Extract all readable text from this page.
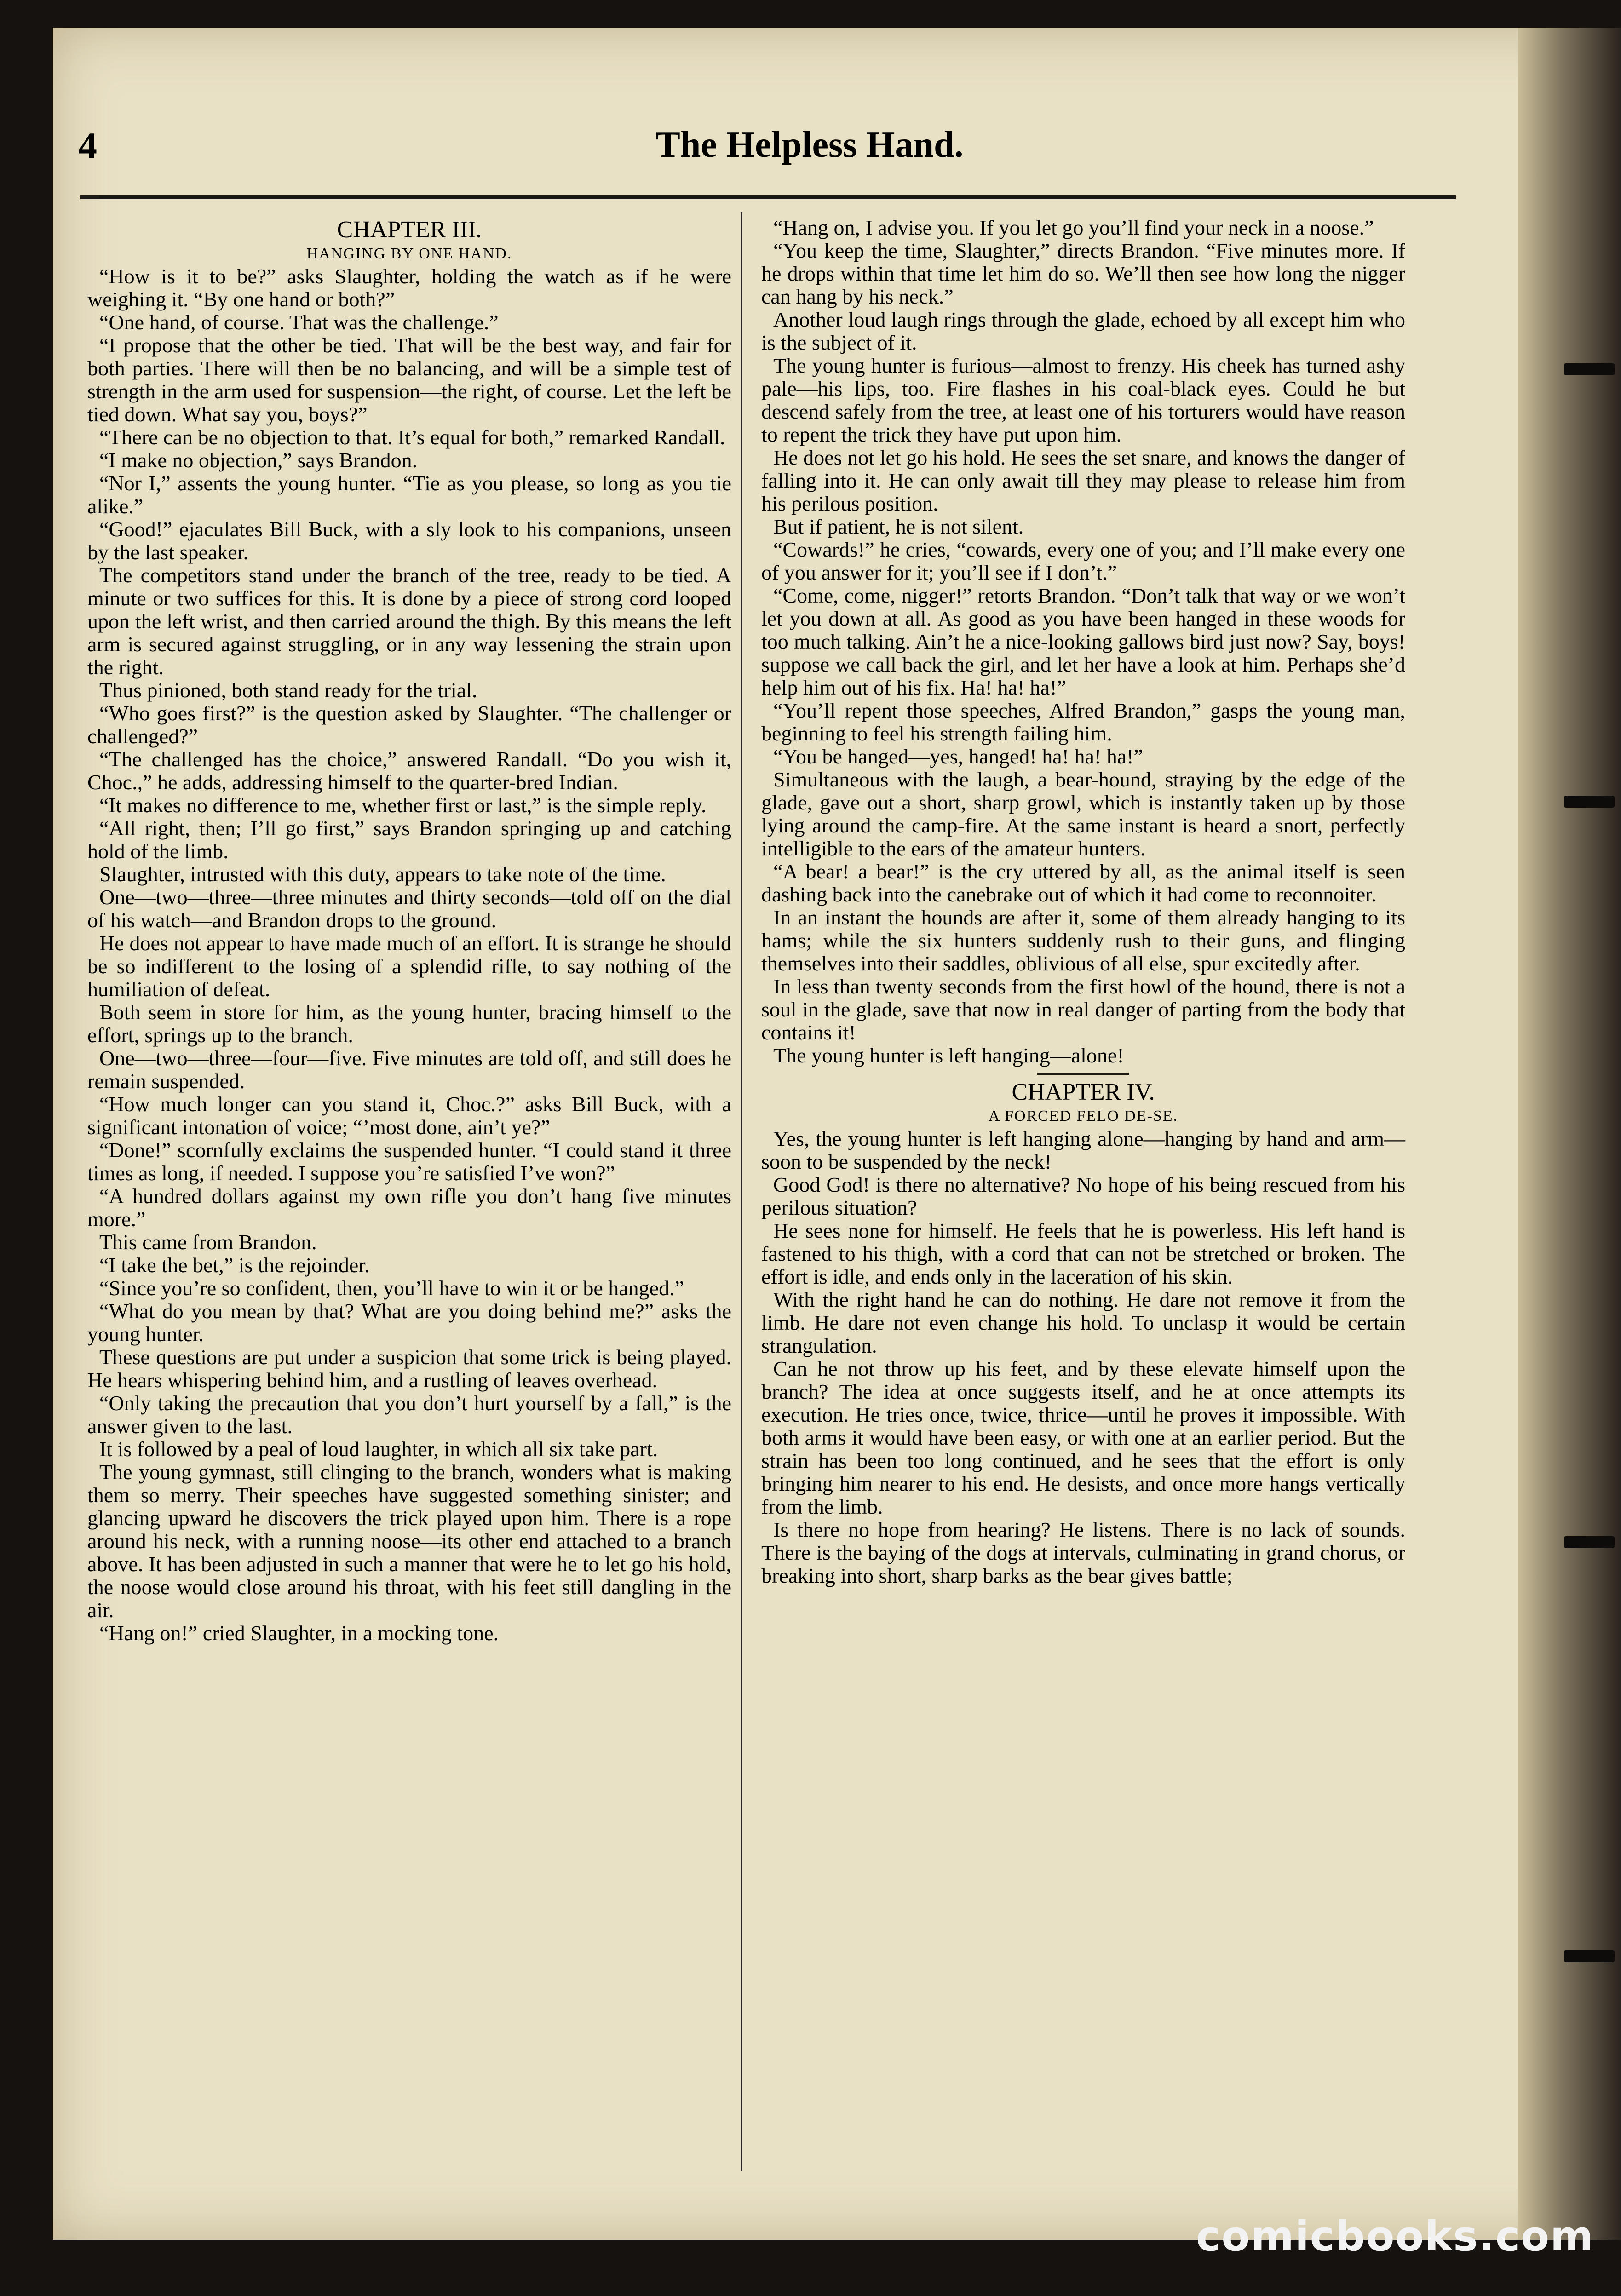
4	The Helpless Hand.
CHAPTER III.
HANGING BY ONE HAND.

“How is it to be?” asks Slaughter, holding the watch as if he were weighing it. “By one hand or both?”

“One hand, of course. That was the challenge.”

“I propose that the other be tied. That will be the best way, and fair for both parties. There will then be no balancing, and will be a simple test of strength in the arm used for suspension—the right, of course. Let the left be tied down. What say you, boys?”

“There can be no objection to that. It’s equal for both,” remarked Randall.

“I make no objection,” says Brandon.

“Nor I,” assents the young hunter. “Tie as you please, so long as you tie alike.”

“Good!” ejaculates Bill Buck, with a sly look to his companions, unseen by the last speaker.

The competitors stand under the branch of the tree, ready to be tied. A minute or two suffices for this. It is done by a piece of strong cord looped upon the left wrist, and then carried around the thigh. By this means the left arm is secured against struggling, or in any way lessening the strain upon the right.

Thus pinioned, both stand ready for the trial.

“Who goes first?” is the question asked by Slaughter. “The challenger or challenged?”

“The challenged has the choice,” answered Randall. “Do you wish it, Choc.,” he adds, addressing himself to the quarter-bred Indian.

“It makes no difference to me, whether first or last,” is the simple reply.

“All right, then; I’ll go first,” says Brandon springing up and catching hold of the limb.

Slaughter, intrusted with this duty, appears to take note of the time.

One—two—three—three minutes and thirty seconds—told off on the dial of his watch—and Brandon drops to the ground.

He does not appear to have made much of an effort. It is strange he should be so indifferent to the losing of a splendid rifle, to say nothing of the humiliation of defeat.

Both seem in store for him, as the young hunter, bracing himself to the effort, springs up to the branch.

One—two—three—four—five. Five minutes are told off, and still does he remain suspended.

“How much longer can you stand it, Choc.?” asks Bill Buck, with a significant intonation of voice; “’most done, ain’t ye?”

“Done!” scornfully exclaims the suspended hunter. “I could stand it three times as long, if needed. I suppose you’re satisfied I’ve won?”

“A hundred dollars against my own rifle you don’t hang five minutes more.”

This came from Brandon.

“I take the bet,” is the rejoinder.

“Since you’re so confident, then, you’ll have to win it or be hanged.”

“What do you mean by that? What are you doing behind me?” asks the young hunter.

These questions are put under a suspicion that some trick is being played. He hears whispering behind him, and a rustling of leaves overhead.

“Only taking the precaution that you don’t hurt yourself by a fall,” is the answer given to the last.

It is followed by a peal of loud laughter, in which all six take part.

The young gymnast, still clinging to the branch, wonders what is making them so merry. Their speeches have suggested something sinister; and glancing upward he discovers the trick played upon him. There is a rope around his neck, with a running noose—its other end attached to a branch above. It has been adjusted in such a manner that were he to let go his hold, the noose would close around his throat, with his feet still dangling in the air.

“Hang on!” cried Slaughter, in a mocking tone.

“Hang on, I advise you. If you let go you’ll find your neck in a noose.”

“You keep the time, Slaughter,” directs Brandon. “Five minutes more. If he drops within that time let him do so. We’ll then see how long the nigger can hang by his neck.”

Another loud laugh rings through the glade, echoed by all except him who is the subject of it.

The young hunter is furious—almost to frenzy. His cheek has turned ashy pale—his lips, too. Fire flashes in his coal-black eyes. Could he but descend safely from the tree, at least one of his torturers would have reason to repent the trick they have put upon him.

He does not let go his hold. He sees the set snare, and knows the danger of falling into it. He can only await till they may please to release him from his perilous position.

But if patient, he is not silent.

“Cowards!” he cries, “cowards, every one of you; and I’ll make every one of you answer for it; you’ll see if I don’t.”

“Come, come, nigger!” retorts Brandon. “Don’t talk that way or we won’t let you down at all. As good as you have been hanged in these woods for too much talking. Ain’t he a nice-looking gallows bird just now? Say, boys! suppose we call back the girl, and let her have a look at him. Perhaps she’d help him out of his fix. Ha! ha! ha!”

“You’ll repent those speeches, Alfred Brandon,” gasps the young man, beginning to feel his strength failing him.

“You be hanged—yes, hanged! ha! ha! ha!”

Simultaneous with the laugh, a bear-hound, straying by the edge of the glade, gave out a short, sharp growl, which is instantly taken up by those lying around the camp-fire. At the same instant is heard a snort, perfectly intelligible to the ears of the amateur hunters.

“A bear! a bear!” is the cry uttered by all, as the animal itself is seen dashing back into the canebrake out of which it had come to reconnoiter.

In an instant the hounds are after it, some of them already hanging to its hams; while the six hunters suddenly rush to their guns, and flinging themselves into their saddles, oblivious of all else, spur excitedly after.

In less than twenty seconds from the first howl of the hound, there is not a soul in the glade, save that now in real danger of parting from the body that contains it!

The young hunter is left hanging—alone!

CHAPTER IV.
A FORCED FELO DE-SE.

Yes, the young hunter is left hanging alone—hanging by hand and arm—soon to be suspended by the neck!

Good God! is there no alternative? No hope of his being rescued from his perilous situation?

He sees none for himself. He feels that he is powerless. His left hand is fastened to his thigh, with a cord that can not be stretched or broken. The effort is idle, and ends only in the laceration of his skin.

With the right hand he can do nothing. He dare not remove it from the limb. He dare not even change his hold. To unclasp it would be certain strangulation.

Can he not throw up his feet, and by these elevate himself upon the branch? The idea at once suggests itself, and he at once attempts its execution. He tries once, twice, thrice—until he proves it impossible. With both arms it would have been easy, or with one at an earlier period. But the strain has been too long continued, and he sees that the effort is only bringing him nearer to his end. He desists, and once more hangs vertically from the limb.

Is there no hope from hearing? He listens. There is no lack of sounds. There is the baying of the dogs at intervals, culminating in grand chorus, or breaking into short, sharp barks as the bear gives battle;

comicbooks.com
